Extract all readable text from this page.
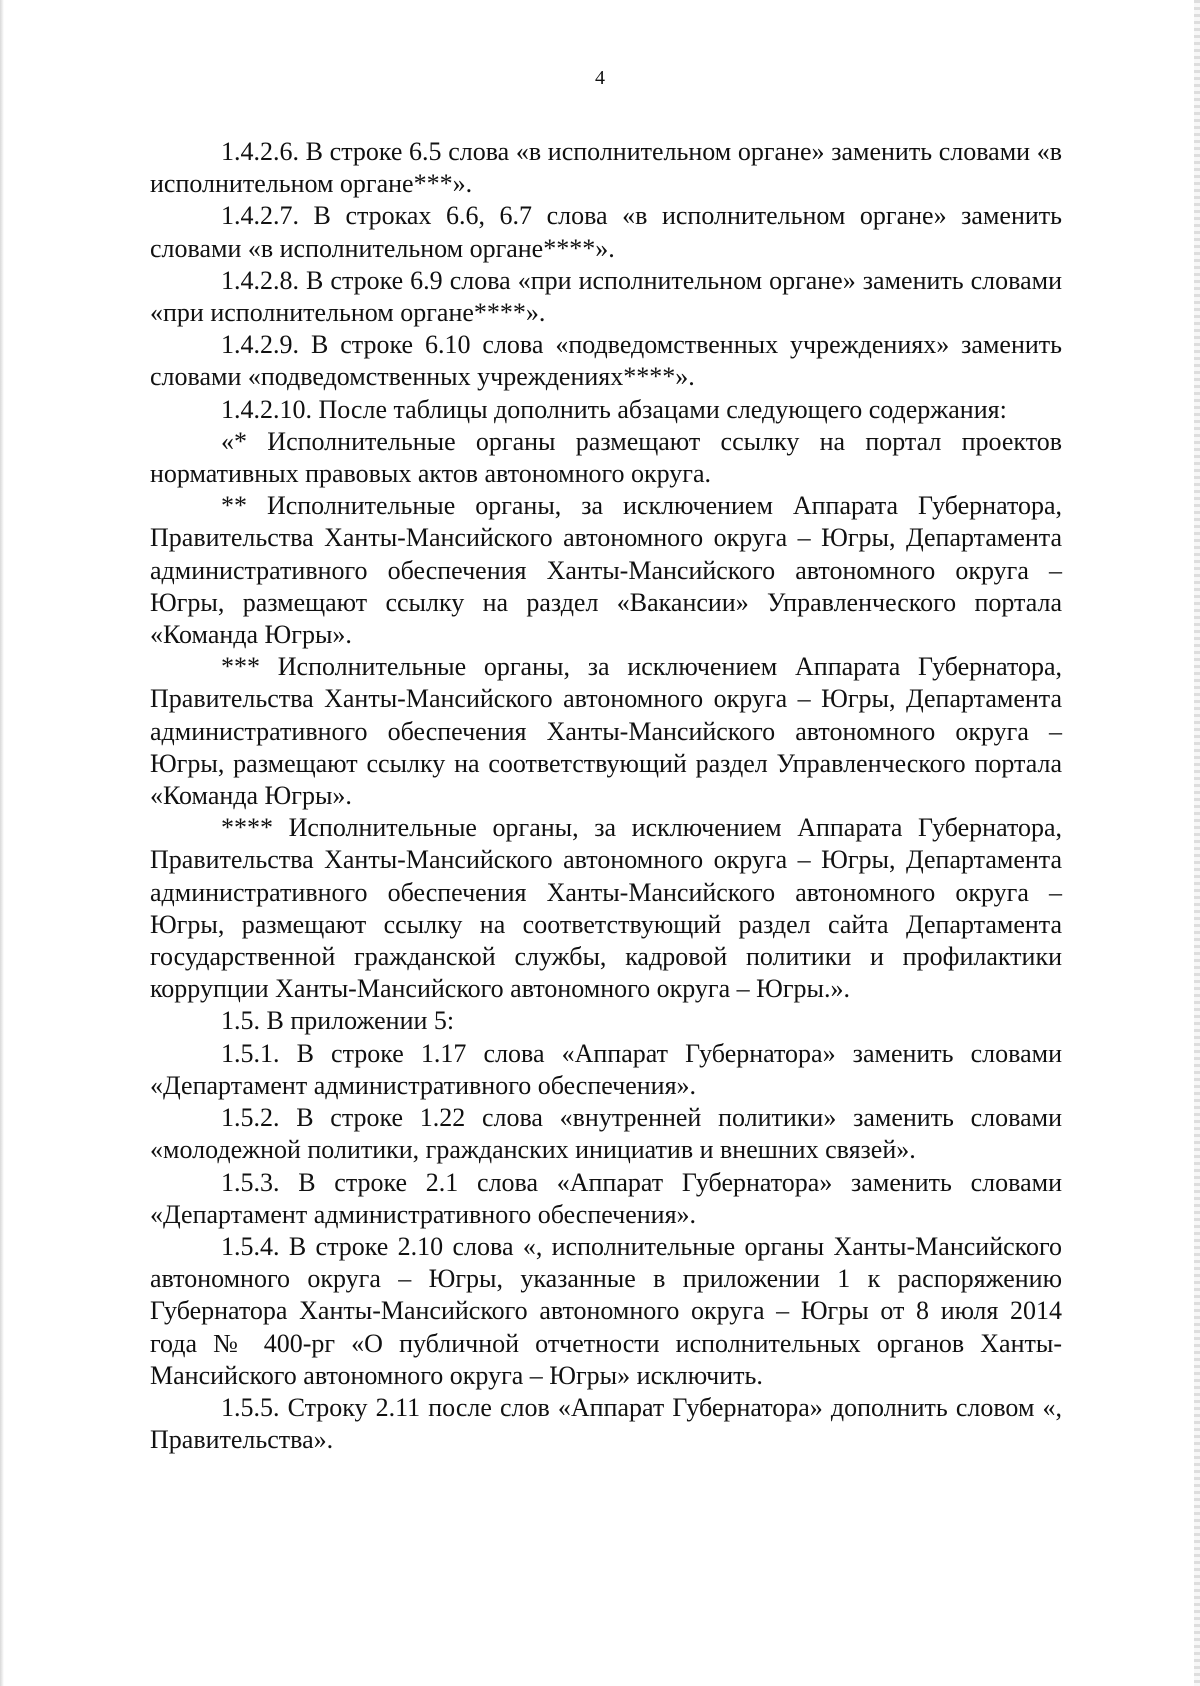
4

1.4.2.6. В строке 6.5 слова «в исполнительном органе» заменить словами «в исполнительном органе***».

1.4.2.7. В строках 6.6, 6.7 слова «в исполнительном органе» заменить словами «в исполнительном органе****».

1.4.2.8. В строке 6.9 слова «при исполнительном органе» заменить словами «при исполнительном органе****».

1.4.2.9. В строке 6.10 слова «подведомственных учреждениях» заменить словами «подведомственных учреждениях****».

1.4.2.10. После таблицы дополнить абзацами следующего содержания:

«* Исполнительные органы размещают ссылку на портал проектов нормативных правовых актов автономного округа.

** Исполнительные органы, за исключением Аппарата Губернатора, Правительства Ханты-Мансийского автономного округа – Югры, Департамента административного обеспечения Ханты-Мансийского автономного округа – Югры, размещают ссылку на раздел «Вакансии» Управленческого портала «Команда Югры».

*** Исполнительные органы, за исключением Аппарата Губернатора, Правительства Ханты-Мансийского автономного округа – Югры, Департамента административного обеспечения Ханты-Мансийского автономного округа – Югры, размещают ссылку на соответствующий раздел Управленческого портала «Команда Югры».

**** Исполнительные органы, за исключением Аппарата Губернатора, Правительства Ханты-Мансийского автономного округа – Югры, Департамента административного обеспечения Ханты-Мансийского автономного округа – Югры, размещают ссылку на соответствующий раздел сайта Департамента государственной гражданской службы, кадровой политики и профилактики коррупции Ханты-Мансийского автономного округа – Югры.».

1.5. В приложении 5:

1.5.1. В строке 1.17 слова «Аппарат Губернатора» заменить словами «Департамент административного обеспечения».

1.5.2. В строке 1.22 слова «внутренней политики» заменить словами «молодежной политики, гражданских инициатив и внешних связей».

1.5.3. В строке 2.1 слова «Аппарат Губернатора» заменить словами «Департамент административного обеспечения».

1.5.4. В строке 2.10 слова «, исполнительные органы Ханты-Мансийского автономного округа – Югры, указанные в приложении 1 к распоряжению Губернатора Ханты-Мансийского автономного округа – Югры от 8 июля 2014 года № 400-рг «О публичной отчетности исполнительных органов Ханты-Мансийского автономного округа – Югры» исключить.

1.5.5. Строку 2.11 после слов «Аппарат Губернатора» дополнить словом «, Правительства».
